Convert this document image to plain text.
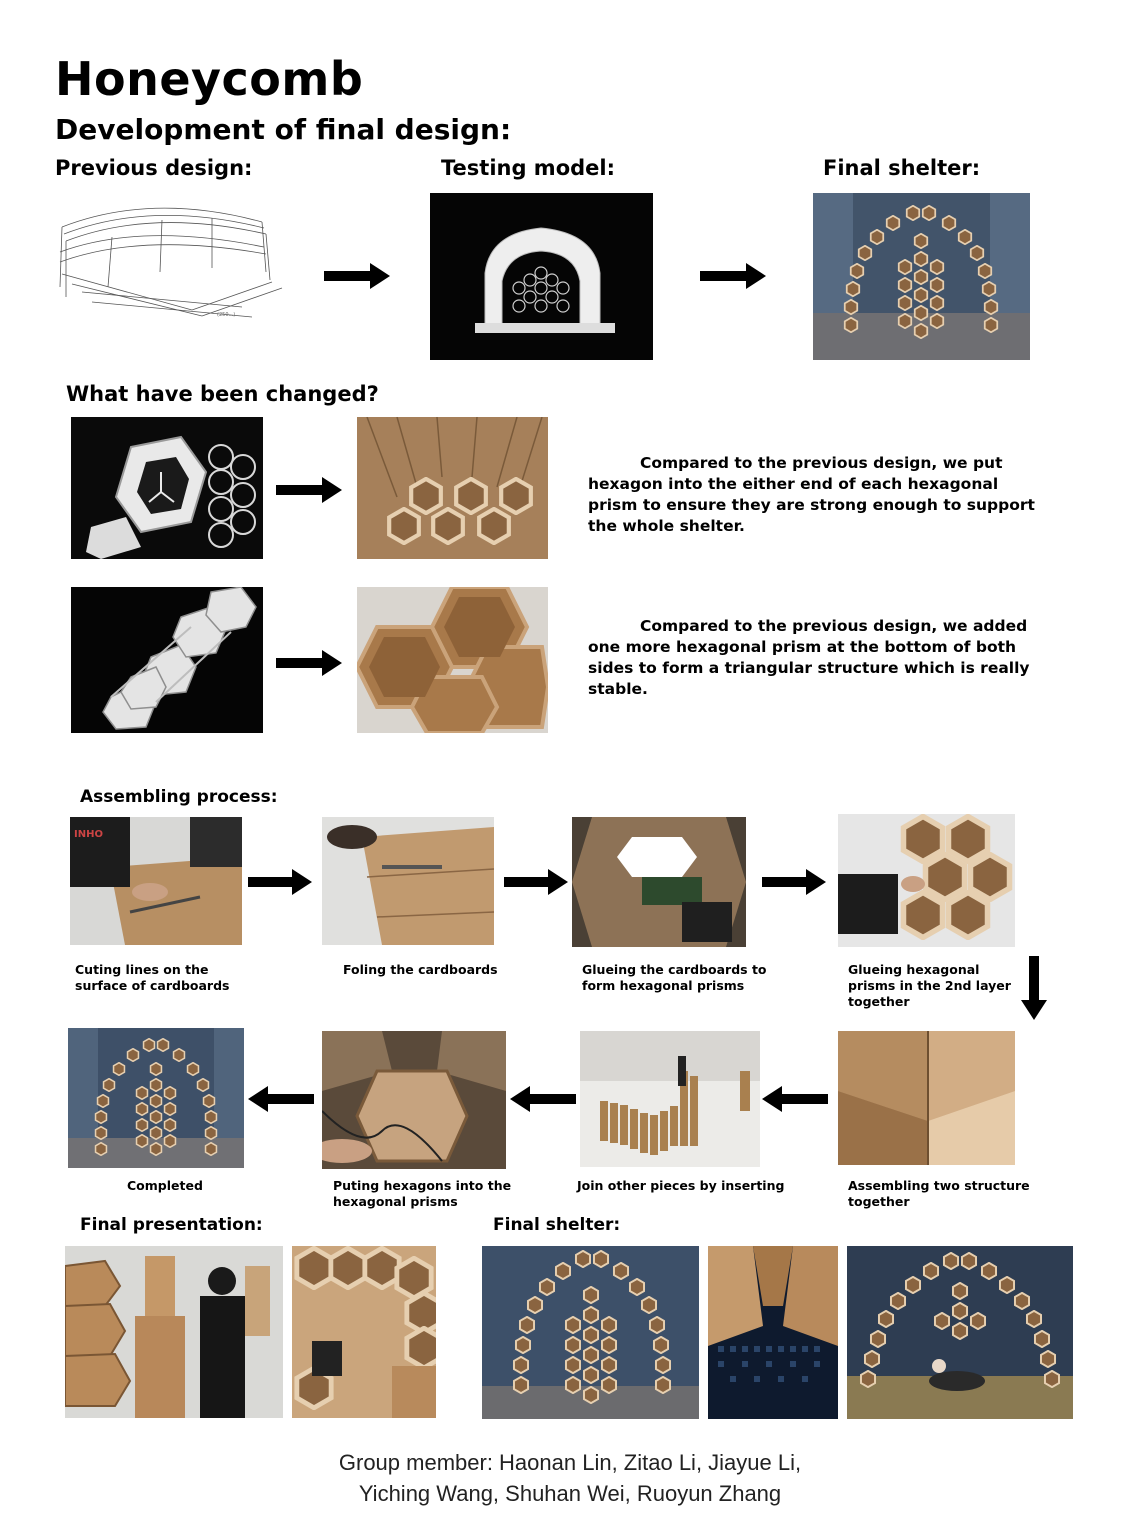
Honeycomb
Development of final design:
Previous design:	Testing model:	Final shelter:
(250...)
What have been changed?
Compared to the previous design, we put hexagon into the either end of each hexagonal prism to ensure they are strong enough to support the whole shelter.
Compared to the previous design, we added one more hexagonal prism at the bottom of both sides to form a triangular structure which is really stable.
Assembling process:
INHO
Cuting lines on the surface of cardboards
Foling the cardboards	Glueing the cardboards to form hexagonal prisms
Glueing hexagonal prisms in the 2nd layer together
Assembling two structure together
Join other pieces by inserting
Puting hexagons into the hexagonal prisms
Completed
Final presentation:	Final shelter:
Group member: Haonan Lin, Zitao Li, Jiayue Li,
Yiching Wang, Shuhan Wei, Ruoyun Zhang
